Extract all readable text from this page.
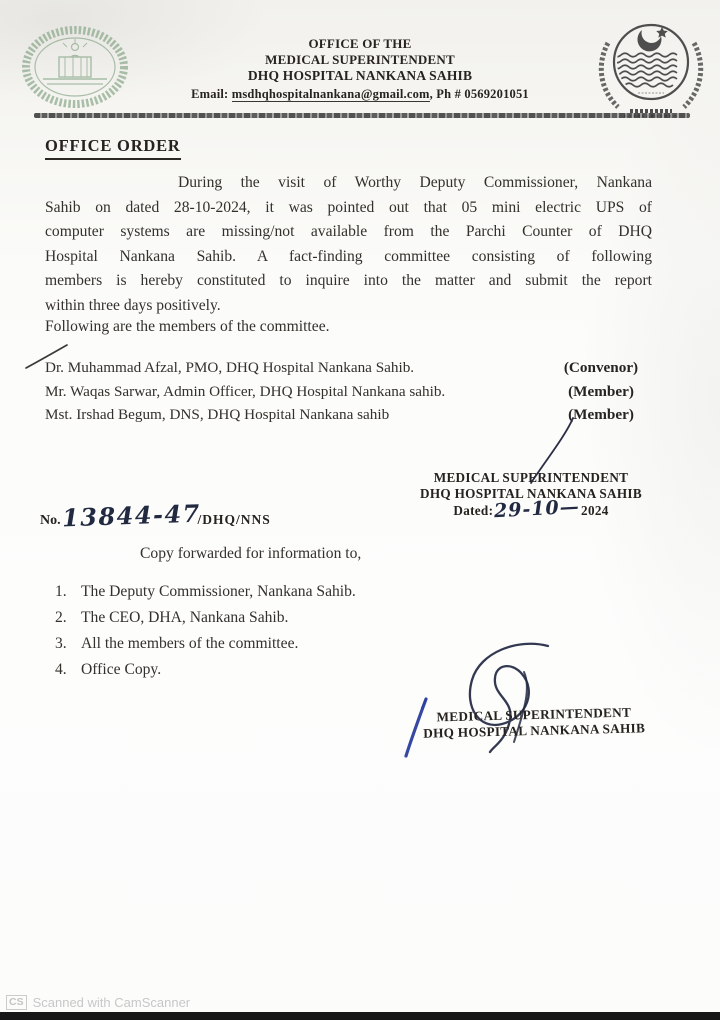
OFFICE OF THE
MEDICAL SUPERINTENDENT
DHQ HOSPITAL NANKANA SAHIB
Email: msdhqhospitalnankana@gmail.com, Ph # 0569201051
OFFICE ORDER
During the visit of Worthy Deputy Commissioner, Nankana
Sahib on dated 28-10-2024, it was pointed out that 05 mini electric UPS of
computer systems are missing/not available from the Parchi Counter of DHQ
Hospital Nankana Sahib. A fact-finding committee consisting of following
members is hereby constituted to inquire into the matter and submit the report
within three days positively.
Following are the members of the committee.
Dr. Muhammad Afzal, PMO, DHQ Hospital Nankana Sahib.	(Convenor)
Mr. Waqas Sarwar, Admin Officer, DHQ Hospital Nankana sahib.	(Member)
Mst. Irshad Begum, DNS, DHQ Hospital Nankana sahib	(Member)
MEDICAL SUPERINTENDENT
DHQ HOSPITAL NANKANA SAHIB
Dated: 29-10— 2024
No. 13844-47
/DHQ/NNS
Copy forwarded for information to,
1. The Deputy Commissioner, Nankana Sahib.
2. The CEO, DHA, Nankana Sahib.
3. All the members of the committee.
4. Office Copy.
MEDICAL SUPERINTENDENT
DHQ HOSPITAL NANKANA SAHIB
CS Scanned with CamScanner
